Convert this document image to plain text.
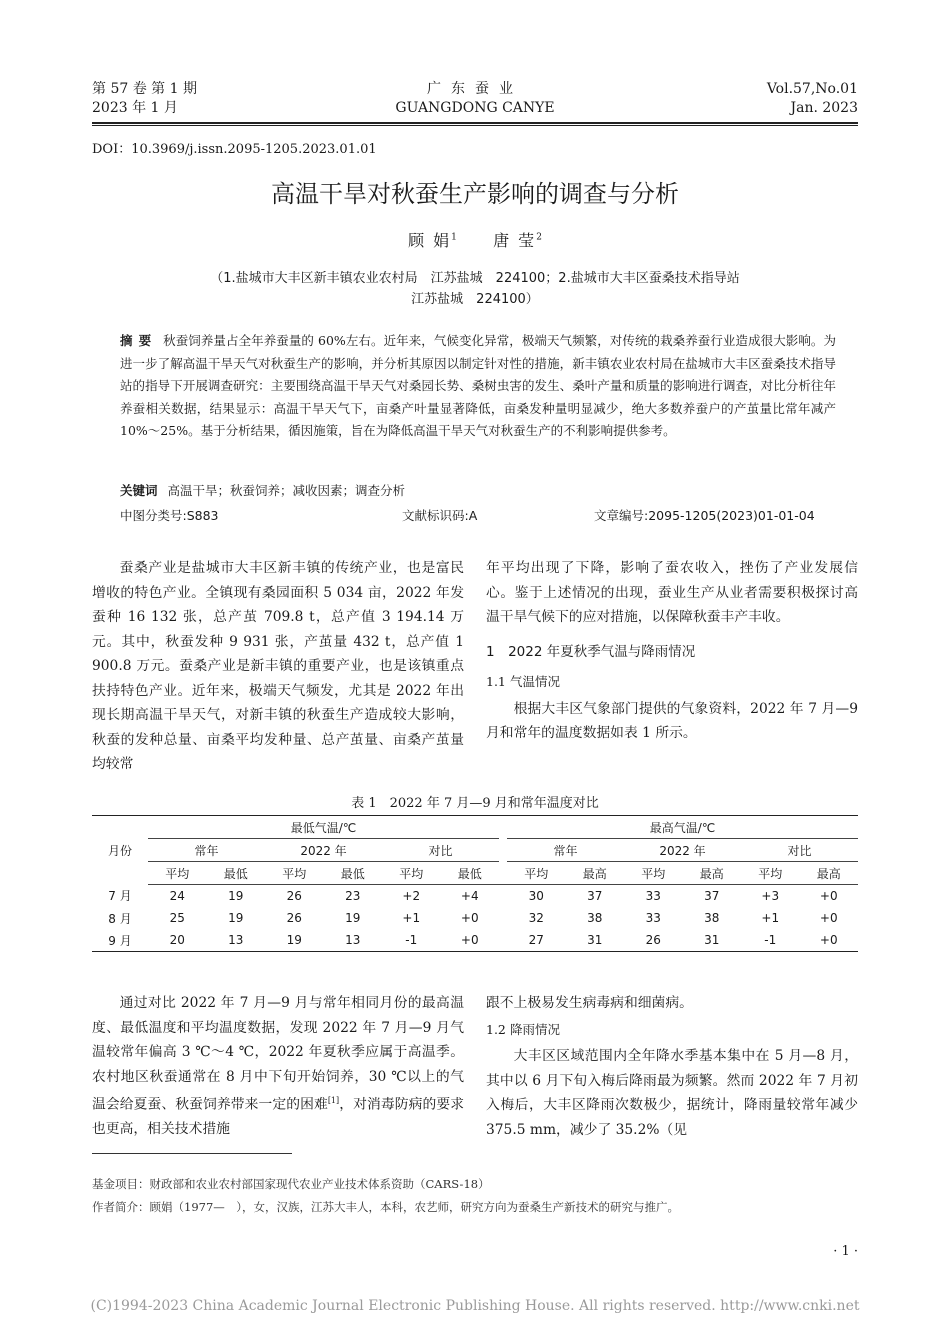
第 57 卷 第 1 期
2023 年 1 月
广东蚕业
GUANGDONG CANYE
Vol.57,No.01
Jan. 2023
DOI：10.3969/j.issn.2095-1205.2023.01.01
高温干旱对秋蚕生产影响的调查与分析
顾 娟$^1$ 唐 莹$^2$
（1.盐城市大丰区新丰镇农业农村局　江苏盐城　224100；2.盐城市大丰区蚕桑技术指导站
江苏盐城　224100）
摘要 秋蚕饲养量占全年养蚕量的 60%左右。近年来，气候变化异常，极端天气频繁，对传统的栽桑养蚕行业造成很大影响。为进一步了解高温干旱天气对秋蚕生产的影响，并分析其原因以制定针对性的措施，新丰镇农业农村局在盐城市大丰区蚕桑技术指导站的指导下开展调查研究：主要围绕高温干旱天气对桑园长势、桑树虫害的发生、桑叶产量和质量的影响进行调查，对比分析往年养蚕相关数据，结果显示：高温干旱天气下，亩桑产叶量显著降低，亩桑发种量明显减少，绝大多数养蚕户的产茧量比常年减产 10%～25%。基于分析结果，循因施策，旨在为降低高温干旱天气对秋蚕生产的不利影响提供参考。
关键词 高温干旱；秋蚕饲养；减收因素；调查分析
中图分类号:S883	文献标识码:A	文章编号:2095-1205(2023)01-01-04

蚕桑产业是盐城市大丰区新丰镇的传统产业，也是富民增收的特色产业。全镇现有桑园面积 5 034 亩，2022 年发蚕种 16 132 张，总产茧 709.8 t，总产值 3 194.14 万元。其中，秋蚕发种 9 931 张，产茧量 432 t，总产值 1 900.8 万元。蚕桑产业是新丰镇的重要产业，也是该镇重点扶持特色产业。近年来，极端天气频发，尤其是 2022 年出现长期高温干旱天气，对新丰镇的秋蚕生产造成较大影响，秋蚕的发种总量、亩桑平均发种量、总产茧量、亩桑产茧量均较常

年平均出现了下降，影响了蚕农收入，挫伤了产业发展信心。鉴于上述情况的出现，蚕业生产从业者需要积极探讨高温干旱气候下的应对措施，以保障秋蚕丰产丰收。
1　2022 年夏秋季气温与降雨情况
1.1 气温情况

根据大丰区气象部门提供的气象资料，2022 年 7 月—9 月和常年的温度数据如表 1 所示。

表 1　2022 年 7 月—9 月和常年温度对比
月份	最低气温/℃							最高气温/℃					
	常年		2022 年		对比			常年		2022 年		对比	
	平均	最低	平均	最低	平均	最低		平均	最高	平均	最高	平均	最高
7 月	24	19	26	23	+2	+4		30	37	33	37	+3	+0
8 月	25	19	26	19	+1	+0		32	38	33	38	+1	+0
9 月	20	13	19	13	-1	+0		27	31	26	31	-1	+0

通过对比 2022 年 7 月—9 月与常年相同月份的最高温度、最低温度和平均温度数据，发现 2022 年 7 月—9 月气温较常年偏高 3 ℃～4 ℃，2022 年夏秋季应属于高温季。农村地区秋蚕通常在 8 月中下旬开始饲养，30 ℃以上的气温会给夏蚕、秋蚕饲养带来一定的困难[1]，对消毒防病的要求也更高，相关技术措施

跟不上极易发生病毒病和细菌病。
1.2 降雨情况

大丰区区域范围内全年降水季基本集中在 5 月—8 月，其中以 6 月下旬入梅后降雨最为频繁。然而 2022 年 7 月初入梅后，大丰区降雨次数极少，据统计，降雨量较常年减少 375.5 mm，减少了 35.2%（见

基金项目：财政部和农业农村部国家现代农业产业技术体系资助（CARS-18）
作者简介：顾娟（1977—　），女，汉族，江苏大丰人，本科，农艺师，研究方向为蚕桑生产新技术的研究与推广。
· 1 ·
(C)1994-2023 China Academic Journal Electronic Publishing House. All rights reserved. http://www.cnki.net
